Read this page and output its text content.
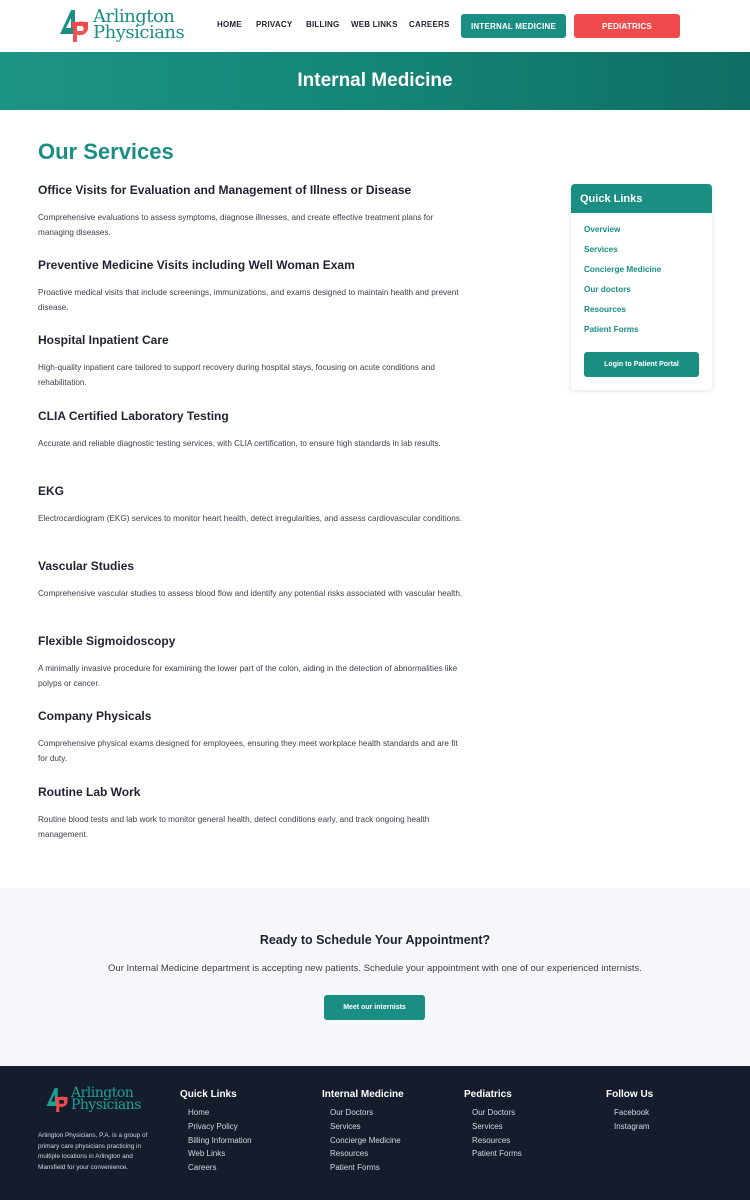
Arlington
Physicians	HOME PRIVACY BILLING WEB LINKS CAREERS	INTERNAL MEDICINE	PEDIATRICS
Internal Medicine
Our Services
Office Visits for Evaluation and Management of Illness or Disease

Comprehensive evaluations to assess symptoms, diagnose illnesses, and create effective treatment plans for managing diseases.

Preventive Medicine Visits including Well Woman Exam

Proactive medical visits that include screenings, immunizations, and exams designed to maintain health and prevent disease.

Hospital Inpatient Care

High-quality inpatient care tailored to support recovery during hospital stays, focusing on acute conditions and rehabilitation.

CLIA Certified Laboratory Testing

Accurate and reliable diagnostic testing services, with CLIA certification, to ensure high standards in lab results.

EKG

Electrocardiogram (EKG) services to monitor heart health, detect irregularities, and assess cardiovascular conditions.

Vascular Studies

Comprehensive vascular studies to assess blood flow and identify any potential risks associated with vascular health.

Flexible Sigmoidoscopy

A minimally invasive procedure for examining the lower part of the colon, aiding in the detection of abnormalities like polyps or cancer.

Company Physicals

Comprehensive physical exams designed for employees, ensuring they meet workplace health standards and are fit for duty.

Routine Lab Work

Routine blood tests and lab work to monitor general health, detect conditions early, and track ongoing health management.

Quick Links
Overview
Services
Concierge Medicine
Our doctors
Resources
Patient Forms
Login to Patient Portal
Ready to Schedule Your Appointment?

Our Internal Medicine department is accepting new patients. Schedule your appointment with one of our experienced internists.

Meet our internists
Arlington
Physicians

Arlington Physicians, P.A. is a group of primary care physicians practicing in multiple locations in Arlington and Mansfield for your convenience.

Quick Links
Home
Privacy Policy
Billing Information
Web Links
Careers
Internal Medicine
Our Doctors
Services
Concierge Medicine
Resources
Patient Forms
Pediatrics
Our Doctors
Services
Resources
Patient Forms
Follow Us
Facebook
Instagram
